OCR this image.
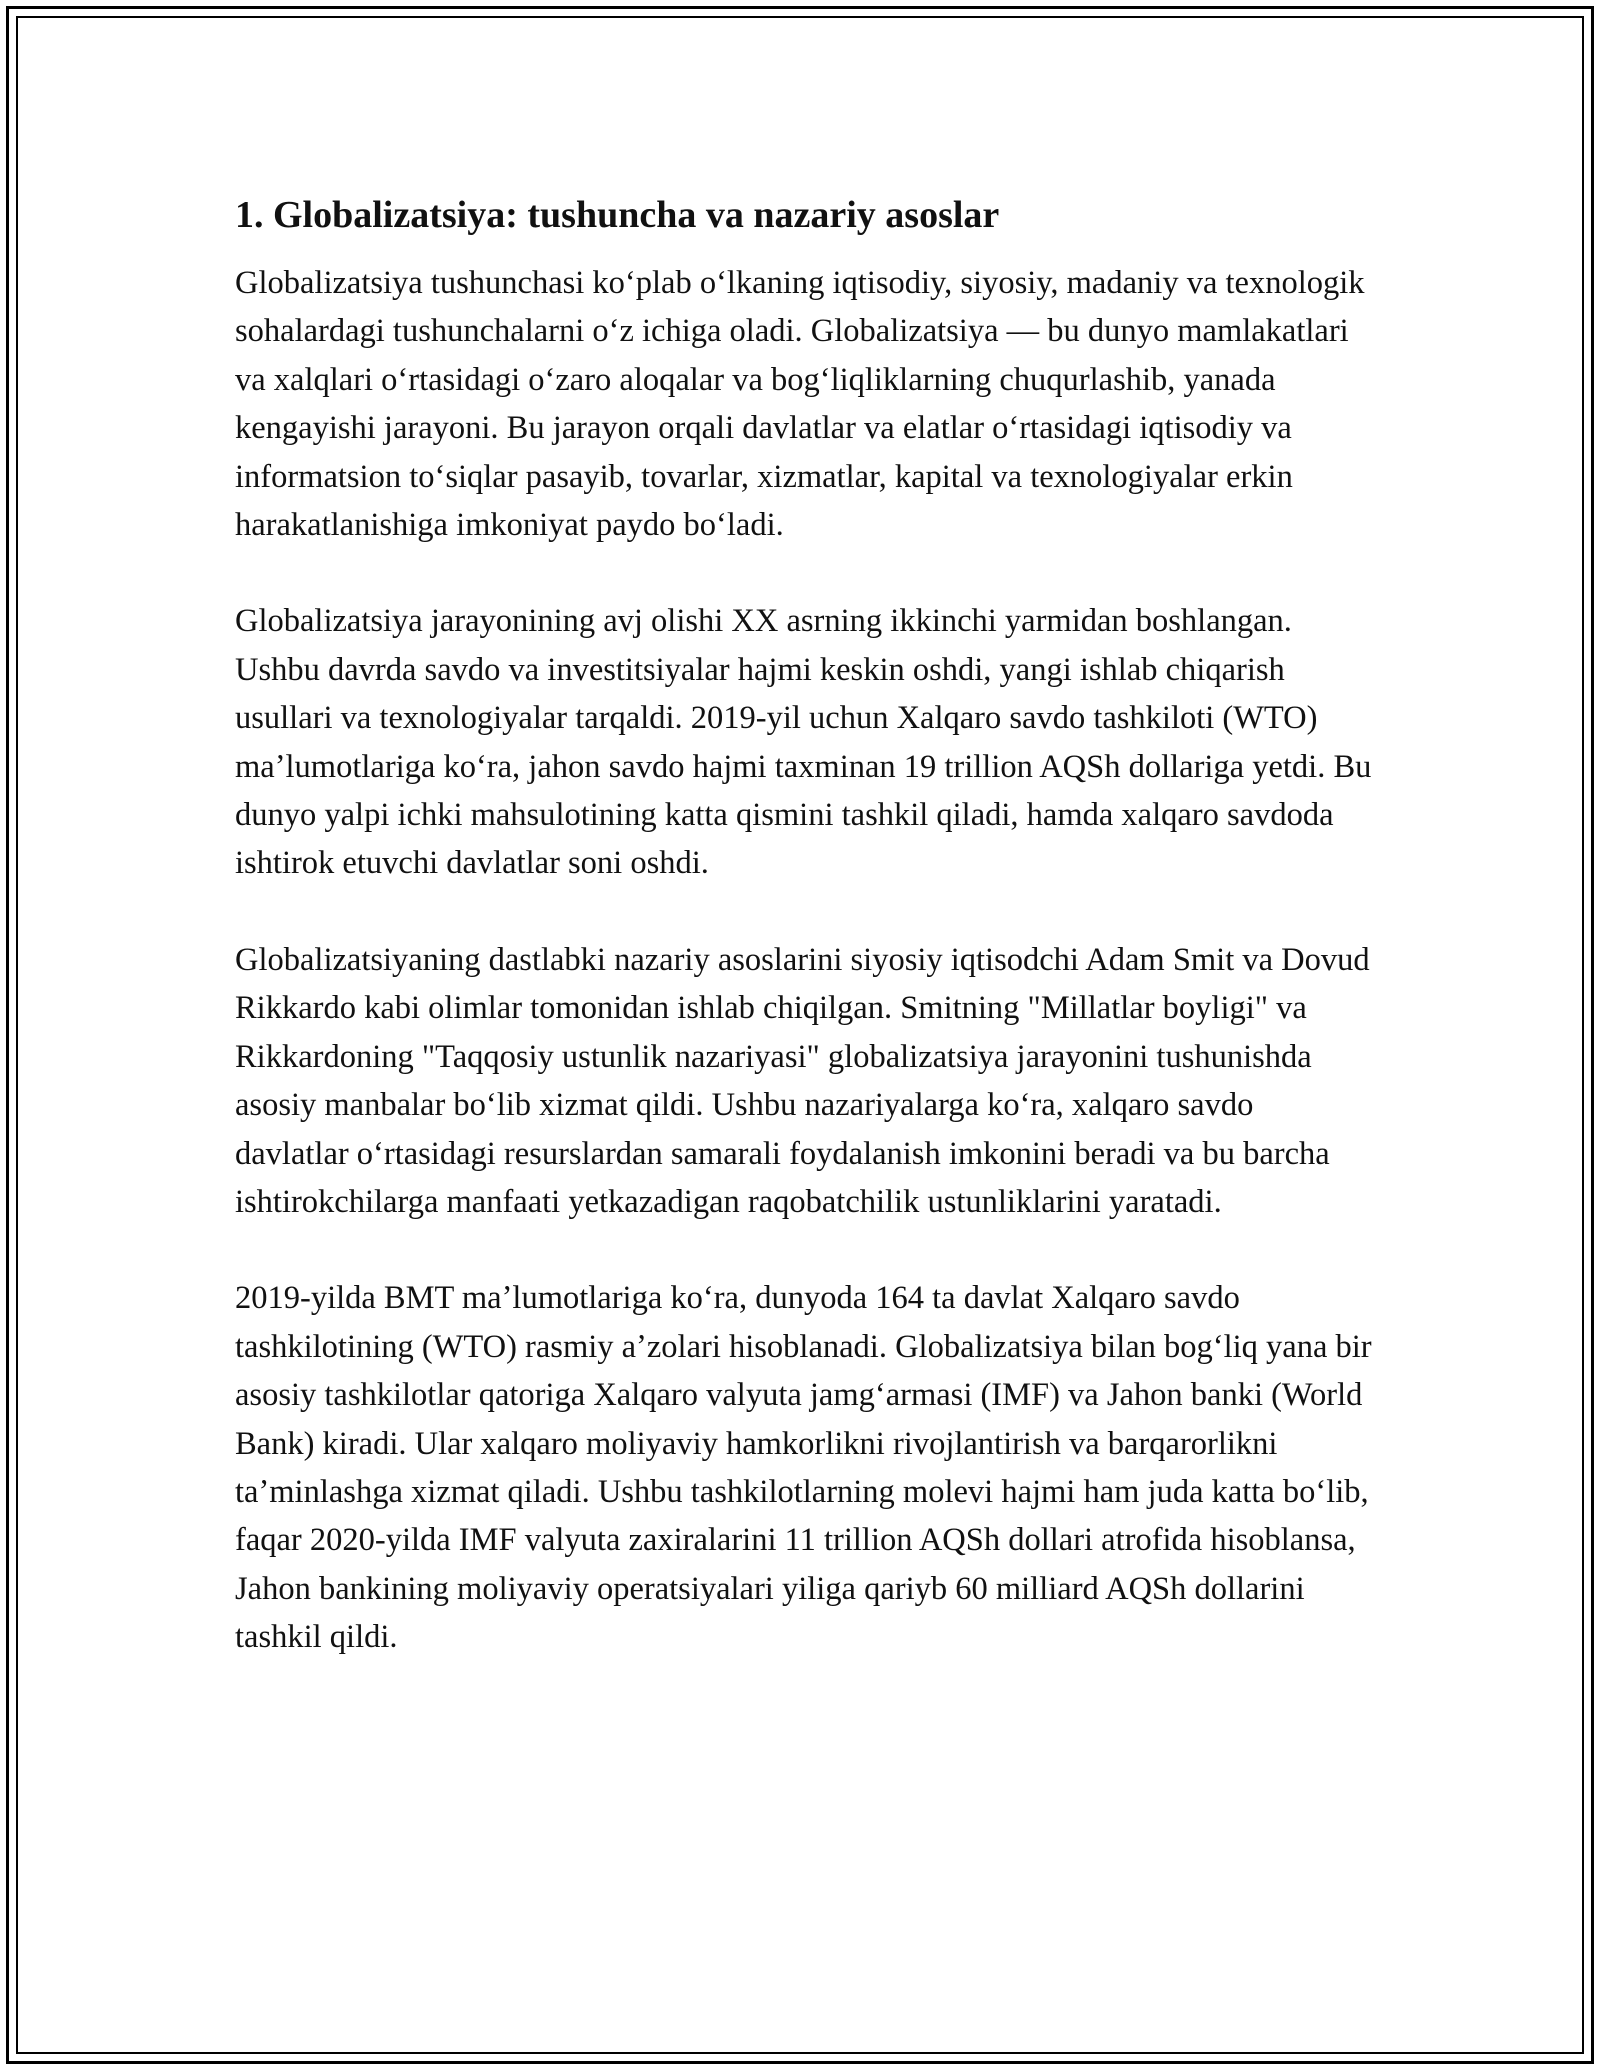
1. Globalizatsiya: tushuncha va nazariy asoslar

Globalizatsiya tushunchasi koʻplab oʻlkaning iqtisodiy, siyosiy, madaniy va texnologik sohalardagi tushunchalarni oʻz ichiga oladi. Globalizatsiya — bu dunyo mamlakatlari va xalqlari oʻrtasidagi oʻzaro aloqalar va bogʻliqliklarning chuqurlashib, yanada kengayishi jarayoni. Bu jarayon orqali davlatlar va elatlar oʻrtasidagi iqtisodiy va informatsion toʻsiqlar pasayib, tovarlar, xizmatlar, kapital va texnologiyalar erkin harakatlanishiga imkoniyat paydo boʻladi.

Globalizatsiya jarayonining avj olishi XX asrning ikkinchi yarmidan boshlangan. Ushbu davrda savdo va investitsiyalar hajmi keskin oshdi, yangi ishlab chiqarish usullari va texnologiyalar tarqaldi. 2019-yil uchun Xalqaro savdo tashkiloti (WTO) maʼlumotlariga koʻra, jahon savdo hajmi taxminan 19 trillion AQSh dollariga yetdi. Bu dunyo yalpi ichki mahsulotining katta qismini tashkil qiladi, hamda xalqaro savdoda ishtirok etuvchi davlatlar soni oshdi.

Globalizatsiyaning dastlabki nazariy asoslarini siyosiy iqtisodchi Adam Smit va Dovud Rikkardo kabi olimlar tomonidan ishlab chiqilgan. Smitning "Millatlar boyligi" va Rikkardoning "Taqqosiy ustunlik nazariyasi" globalizatsiya jarayonini tushunishda asosiy manbalar boʻlib xizmat qildi. Ushbu nazariyalarga koʻra, xalqaro savdo davlatlar oʻrtasidagi resurslardan samarali foydalanish imkonini beradi va bu barcha ishtirokchilarga manfaati yetkazadigan raqobatchilik ustunliklarini yaratadi.

2019-yilda BMT maʼlumotlariga koʻra, dunyoda 164 ta davlat Xalqaro savdo tashkilotining (WTO) rasmiy aʼzolari hisoblanadi. Globalizatsiya bilan bogʻliq yana bir asosiy tashkilotlar qatoriga Xalqaro valyuta jamgʻarmasi (IMF) va Jahon banki (World Bank) kiradi. Ular xalqaro moliyaviy hamkorlikni rivojlantirish va barqarorlikni taʼminlashga xizmat qiladi. Ushbu tashkilotlarning molevi hajmi ham juda katta boʻlib, faqar 2020-yilda IMF valyuta zaxiralarini 11 trillion AQSh dollari atrofida hisoblansa, Jahon bankining moliyaviy operatsiyalari yiliga qariyb 60 milliard AQSh dollarini tashkil qildi.
